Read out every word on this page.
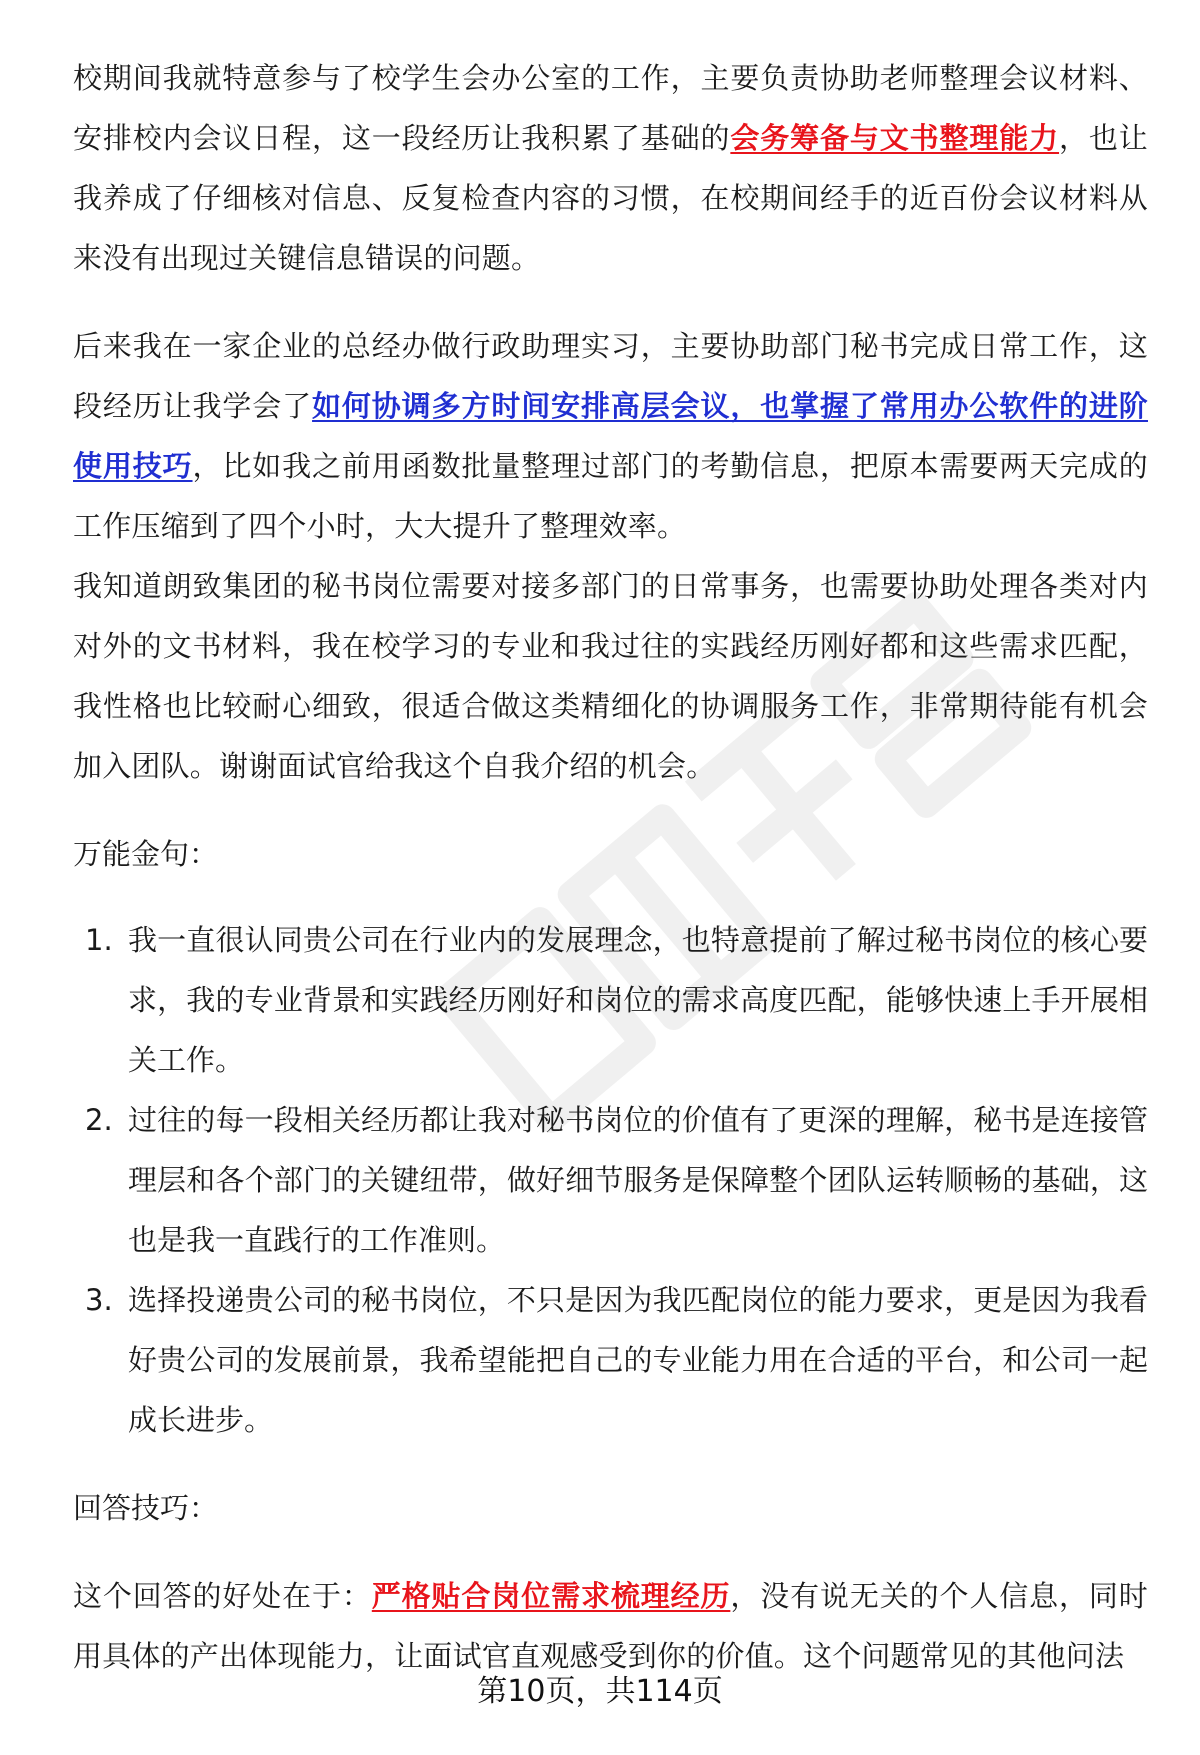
校期间我就特意参与了校学生会办公室的工作，主要负责协助老师整理会议材料、安排校内会议日程，这一段经历让我积累了基础的会务筹备与文书整理能力，也让我养成了仔细核对信息、反复检查内容的习惯，在校期间经手的近百份会议材料从来没有出现过关键信息错误的问题。

后来我在一家企业的总经办做行政助理实习，主要协助部门秘书完成日常工作，这段经历让我学会了如何协调多方时间安排高层会议，也掌握了常用办公软件的进阶使用技巧，比如我之前用函数批量整理过部门的考勤信息，把原本需要两天完成的工作压缩到了四个小时，大大提升了整理效率。

我知道朗致集团的秘书岗位需要对接多部门的日常事务，也需要协助处理各类对内对外的文书材料，我在校学习的专业和我过往的实践经历刚好都和这些需求匹配，我性格也比较耐心细致，很适合做这类精细化的协调服务工作，非常期待能有机会加入团队。谢谢面试官给我这个自我介绍的机会。

万能金句：

1. 我一直很认同贵公司在行业内的发展理念，也特意提前了解过秘书岗位的核心要求，我的专业背景和实践经历刚好和岗位的需求高度匹配，能够快速上手开展相关工作。
2. 过往的每一段相关经历都让我对秘书岗位的价值有了更深的理解，秘书是连接管理层和各个部门的关键纽带，做好细节服务是保障整个团队运转顺畅的基础，这也是我一直践行的工作准则。
3. 选择投递贵公司的秘书岗位，不只是因为我匹配岗位的能力要求，更是因为我看好贵公司的发展前景，我希望能把自己的专业能力用在合适的平台，和公司一起成长进步。

回答技巧：

这个回答的好处在于：严格贴合岗位需求梳理经历，没有说无关的个人信息，同时用具体的产出体现能力，让面试官直观感受到你的价值。这个问题常见的其他问法

第10页，共114页
